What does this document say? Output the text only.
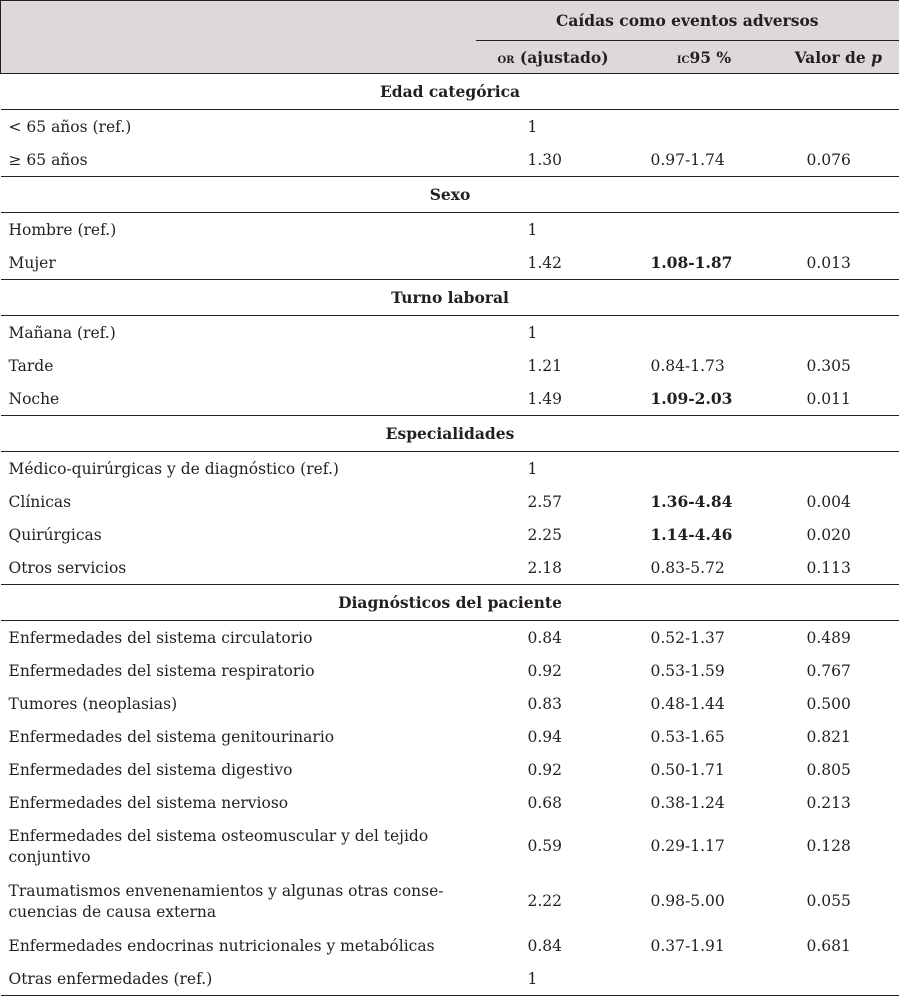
	Caídas como eventos adversos		
	or (ajustado)	ic95 %	Valor de p
Edad categórica			
< 65 años (ref.)	1		
≥ 65 años	1.30	0.97-1.74	0.076
Sexo			
Hombre (ref.)	1		
Mujer	1.42	1.08-1.87	0.013
Turno laboral			
Mañana (ref.)	1		
Tarde	1.21	0.84-1.73	0.305
Noche	1.49	1.09-2.03	0.011
Especialidades			
Médico-quirúrgicas y de diagnóstico (ref.)	1		
Clínicas	2.57	1.36-4.84	0.004
Quirúrgicas	2.25	1.14-4.46	0.020
Otros servicios	2.18	0.83-5.72	0.113
Diagnósticos del paciente			
Enfermedades del sistema circulatorio	0.84	0.52-1.37	0.489
Enfermedades del sistema respiratorio	0.92	0.53-1.59	0.767
Tumores (neoplasias)	0.83	0.48-1.44	0.500
Enfermedades del sistema genitourinario	0.94	0.53-1.65	0.821
Enfermedades del sistema digestivo	0.92	0.50-1.71	0.805
Enfermedades del sistema nervioso	0.68	0.38-1.24	0.213

Enfermedades del sistema osteomuscular y del tejido
conjuntivo	0.59	0.29-1.17	0.128

Traumatismos envenenamientos y algunas otras conse-
cuencias de causa externa	2.22	0.98-5.00	0.055
Enfermedades endocrinas nutricionales y metabólicas	0.84	0.37-1.91	0.681
Otras enfermedades (ref.)	1		
